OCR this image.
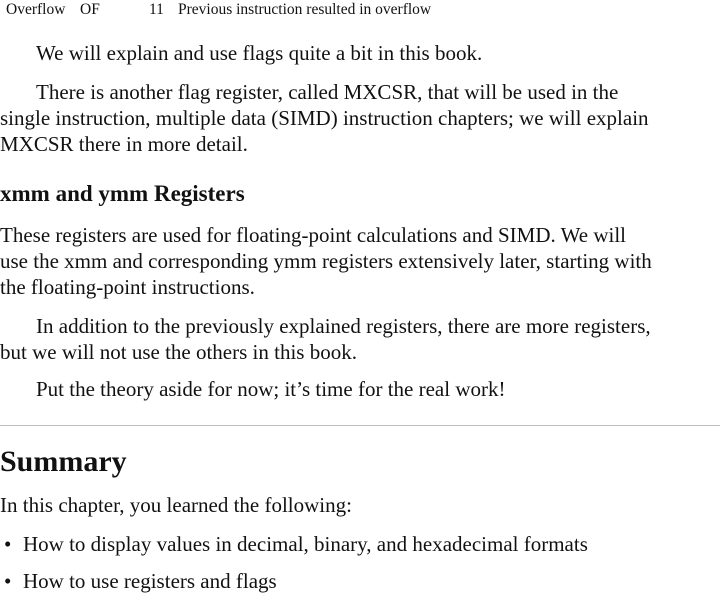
Overflow OF	11 Previous instruction resulted in overflow

We will explain and use flags quite a bit in this book.

There is another flag register, called MXCSR, that will be used in the

single instruction, multiple data (SIMD) instruction chapters; we will explain

MXCSR there in more detail.

xmm and ymm Registers

These registers are used for floating-point calculations and SIMD. We will

use the xmm and corresponding ymm registers extensively later, starting with

the floating-point instructions.

In addition to the previously explained registers, there are more registers,

but we will not use the others in this book.

Put the theory aside for now; it’s time for the real work!

Summary

In this chapter, you learned the following:

• How to display values in decimal, binary, and hexadecimal formats
• How to use registers and flags
